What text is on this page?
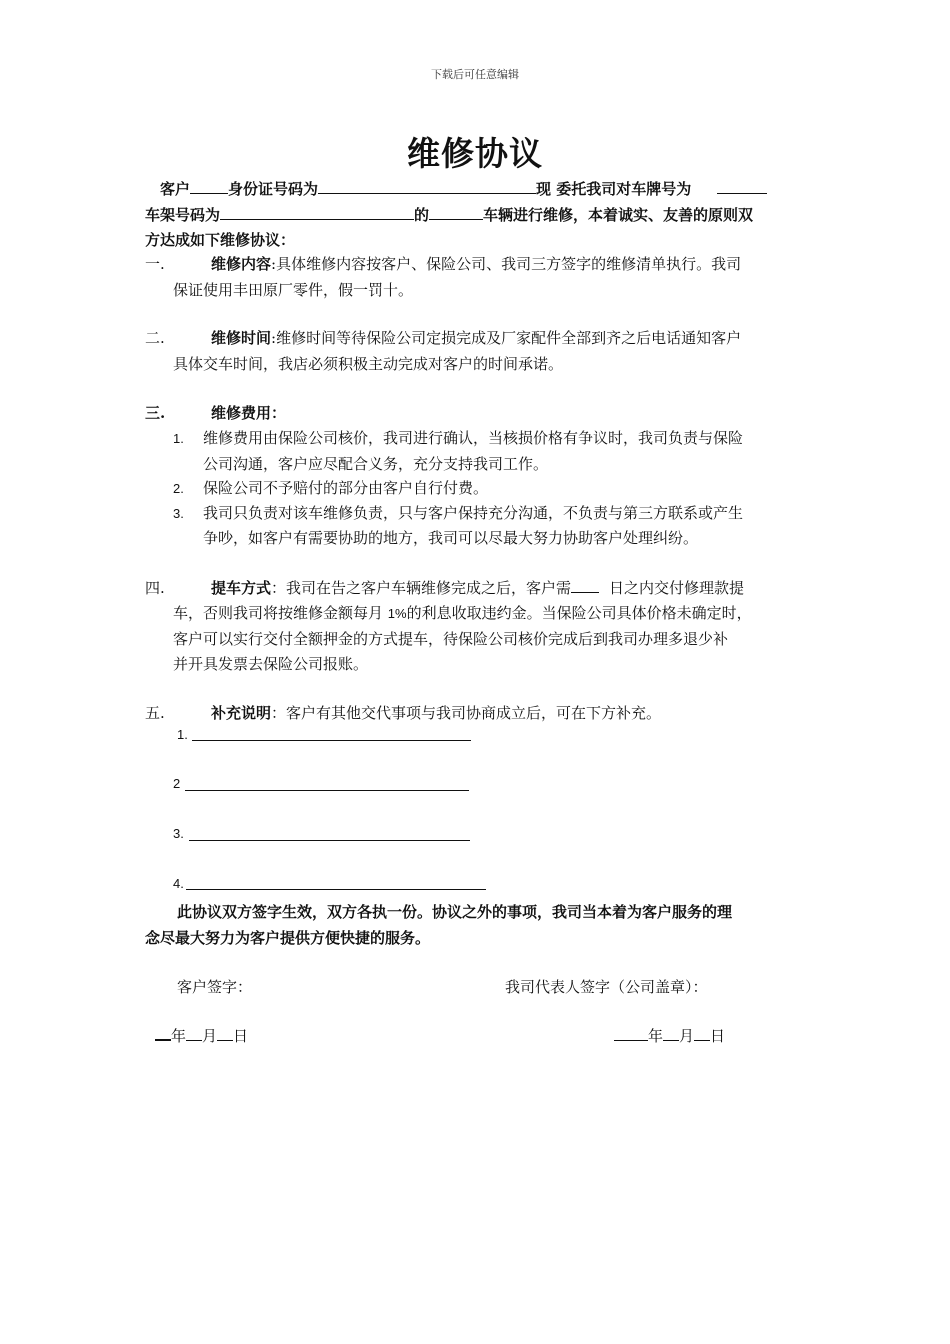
下载后可任意编辑
维修协议
客户	身份证号码为	现 委托我司对车牌号为
车架号码为	的	车辆进行维修，本着诚实、友善的原则双
方达成如下维修协议：
一.	维修内容:具体维修内容按客户、保险公司、我司三方签字的维修清单执行。我司
保证使用丰田原厂零件，假一罚十。
二.	维修时间:维修时间等待保险公司定损完成及厂家配件全部到齐之后电话通知客户
具体交车时间，我店必须积极主动完成对客户的时间承诺。
三.	维修费用：
1. 维修费用由保险公司核价，我司进行确认，当核损价格有争议时，我司负责与保险
公司沟通，客户应尽配合义务，充分支持我司工作。
2. 保险公司不予赔付的部分由客户自行付费。
3. 我司只负责对该车维修负责，只与客户保持充分沟通，不负责与第三方联系或产生
争吵，如客户有需要协助的地方，我司可以尽最大努力协助客户处理纠纷。
四.	提车方式：我司在告之客户车辆维修完成之后，客户需	日之内交付修理款提
车，否则我司将按维修金额每月 1%的利息收取违约金。当保险公司具体价格未确定时，
客户可以实行交付全额押金的方式提车，待保险公司核价完成后到我司办理多退少补
并开具发票去保险公司报账。
五.	补充说明：客户有其他交代事项与我司协商成立后，可在下方补充。
1.
2
3.
4.
此协议双方签字生效，双方各执一份。协议之外的事项，我司当本着为客户服务的理
念尽最大努力为客户提供方便快捷的服务。
客户签字：	我司代表人签字（公司盖章）：
年 月 日	年 月 日
